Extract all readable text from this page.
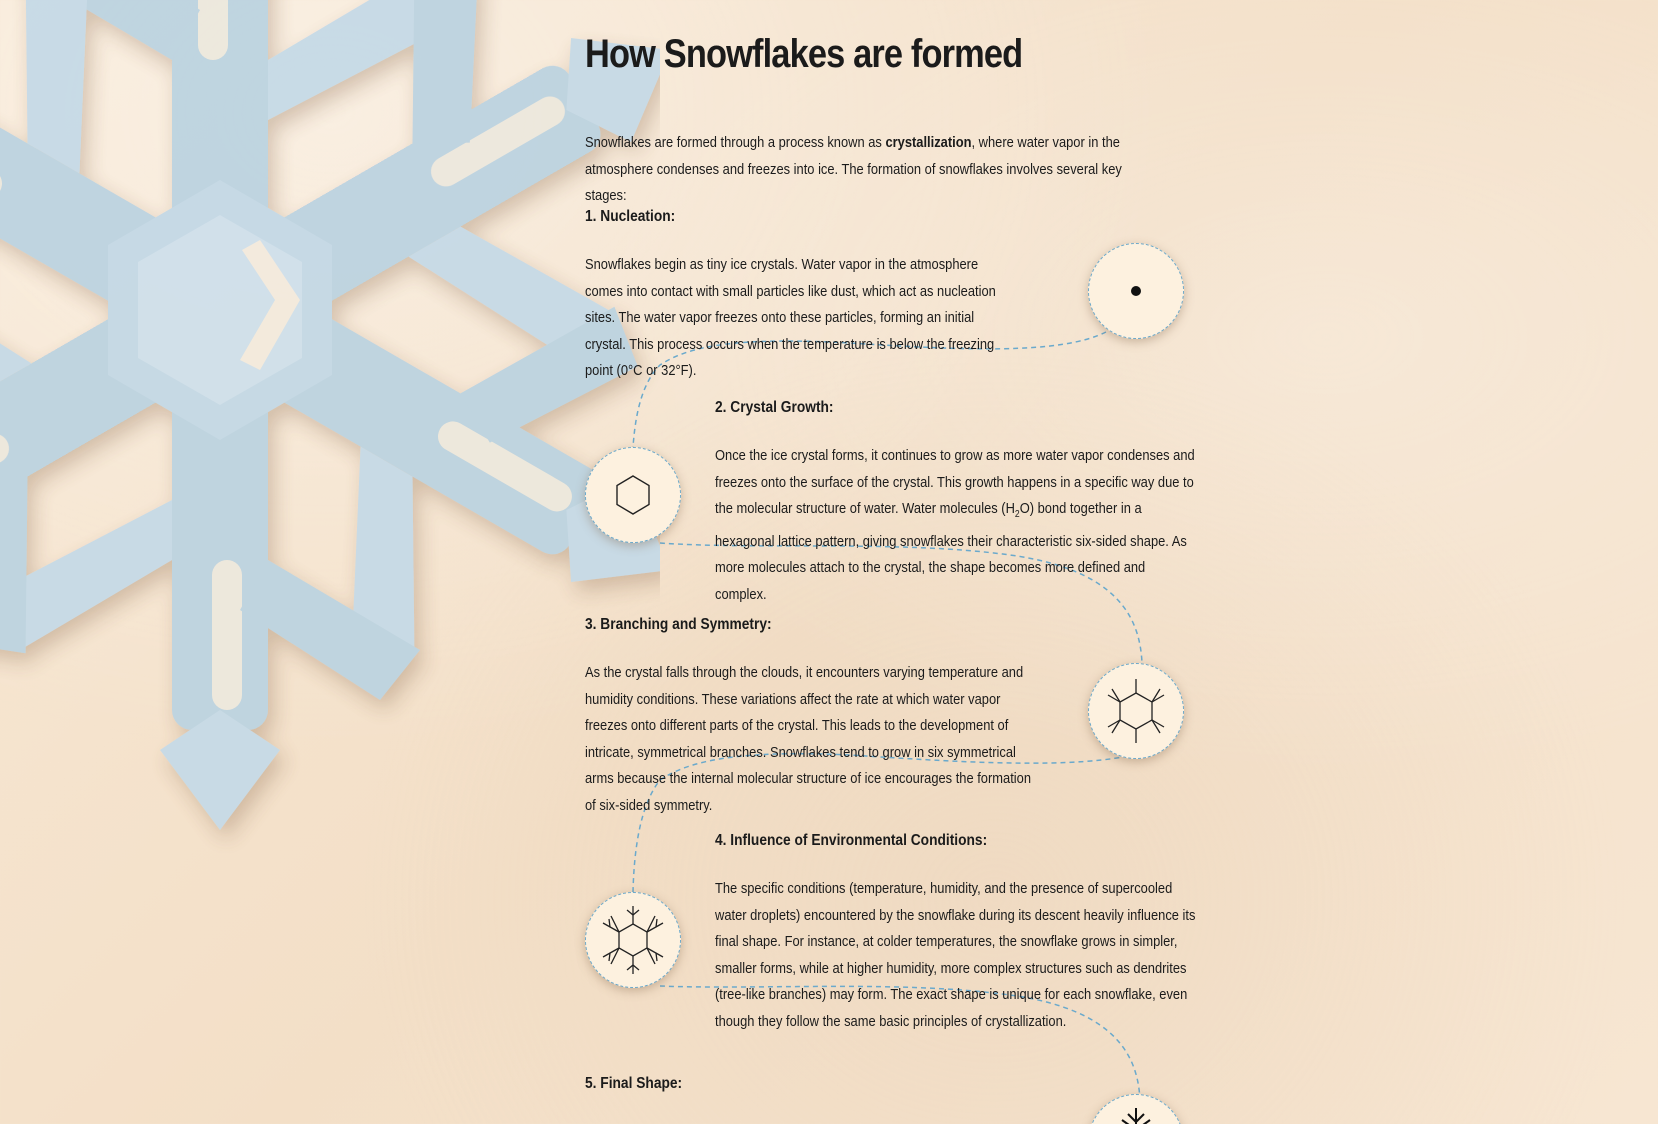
How Snowflakes are formed

Snowflakes are formed through a process known as crystallization, where water vapor in the atmosphere condenses and freezes into ice. The formation of snowflakes involves several key stages:

1. Nucleation:

Snowflakes begin as tiny ice crystals. Water vapor in the atmosphere comes into contact with small particles like dust, which act as nucleation sites. The water vapor freezes onto these particles, forming an initial crystal. This process occurs when the temperature is below the freezing point (0°C or 32°F).

2. Crystal Growth:

Once the ice crystal forms, it continues to grow as more water vapor condenses and freezes onto the surface of the crystal. This growth happens in a specific way due to the molecular structure of water. Water molecules $(H_2O)$ bond together in a hexagonal lattice pattern, giving snowflakes their characteristic six-sided shape. As more molecules attach to the crystal, the shape becomes more defined and complex.

3. Branching and Symmetry:

As the crystal falls through the clouds, it encounters varying temperature and humidity conditions. These variations affect the rate at which water vapor freezes onto different parts of the crystal. This leads to the development of intricate, symmetrical branches. Snowflakes tend to grow in six symmetrical arms because the internal molecular structure of ice encourages the formation of six-sided symmetry.

4. Influence of Environmental Conditions:

The specific conditions (temperature, humidity, and the presence of supercooled water droplets) encountered by the snowflake during its descent heavily influence its final shape. For instance, at colder temperatures, the snowflake grows in simpler, smaller forms, while at higher humidity, more complex structures such as dendrites (tree-like branches) may form. The exact shape is unique for each snowflake, even though they follow the same basic principles of crystallization.

5. Final Shape:
